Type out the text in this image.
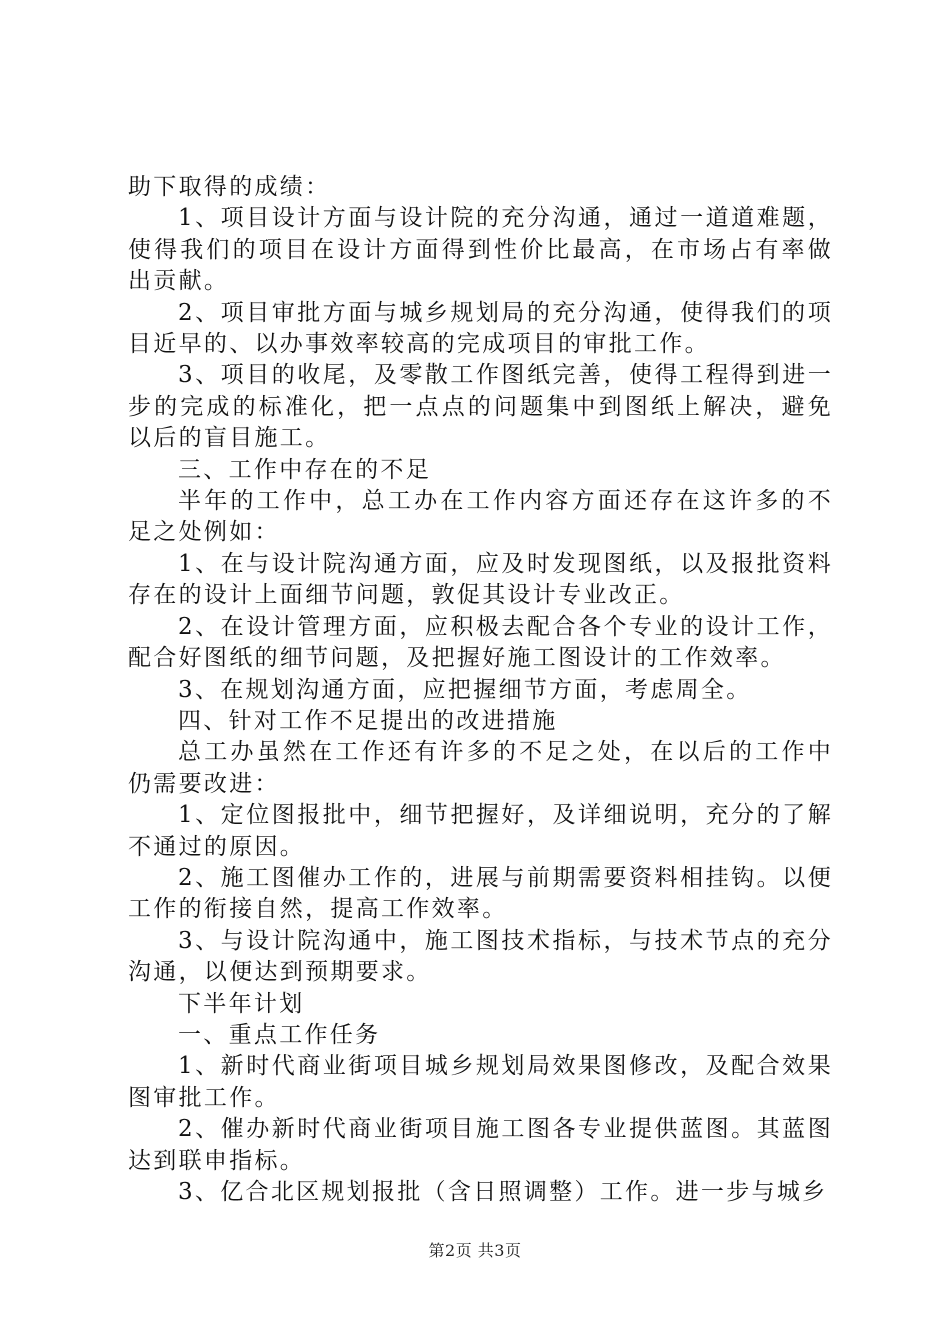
助下取得的成绩：

1、项目设计方面与设计院的充分沟通，通过一道道难题，使得我们的项目在设计方面得到性价比最高，在市场占有率做出贡献。

2、项目审批方面与城乡规划局的充分沟通，使得我们的项目近早的、以办事效率较高的完成项目的审批工作。

3、项目的收尾，及零散工作图纸完善，使得工程得到进一步的完成的标准化，把一点点的问题集中到图纸上解决，避免以后的盲目施工。

三、工作中存在的不足

半年的工作中，总工办在工作内容方面还存在这许多的不足之处例如：

1、在与设计院沟通方面，应及时发现图纸，以及报批资料存在的设计上面细节问题，敦促其设计专业改正。

2、在设计管理方面，应积极去配合各个专业的设计工作，配合好图纸的细节问题，及把握好施工图设计的工作效率。

3、在规划沟通方面，应把握细节方面，考虑周全。

四、针对工作不足提出的改进措施

总工办虽然在工作还有许多的不足之处，在以后的工作中仍需要改进：

1、定位图报批中，细节把握好，及详细说明，充分的了解不通过的原因。

2、施工图催办工作的，进展与前期需要资料相挂钩。以便工作的衔接自然，提高工作效率。

3、与设计院沟通中，施工图技术指标，与技术节点的充分沟通，以便达到预期要求。

下半年计划

一、重点工作任务

1、新时代商业街项目城乡规划局效果图修改，及配合效果图审批工作。

2、催办新时代商业街项目施工图各专业提供蓝图。其蓝图达到联申指标。

3、亿合北区规划报批（含日照调整）工作。进一步与城乡

第2页 共3页
